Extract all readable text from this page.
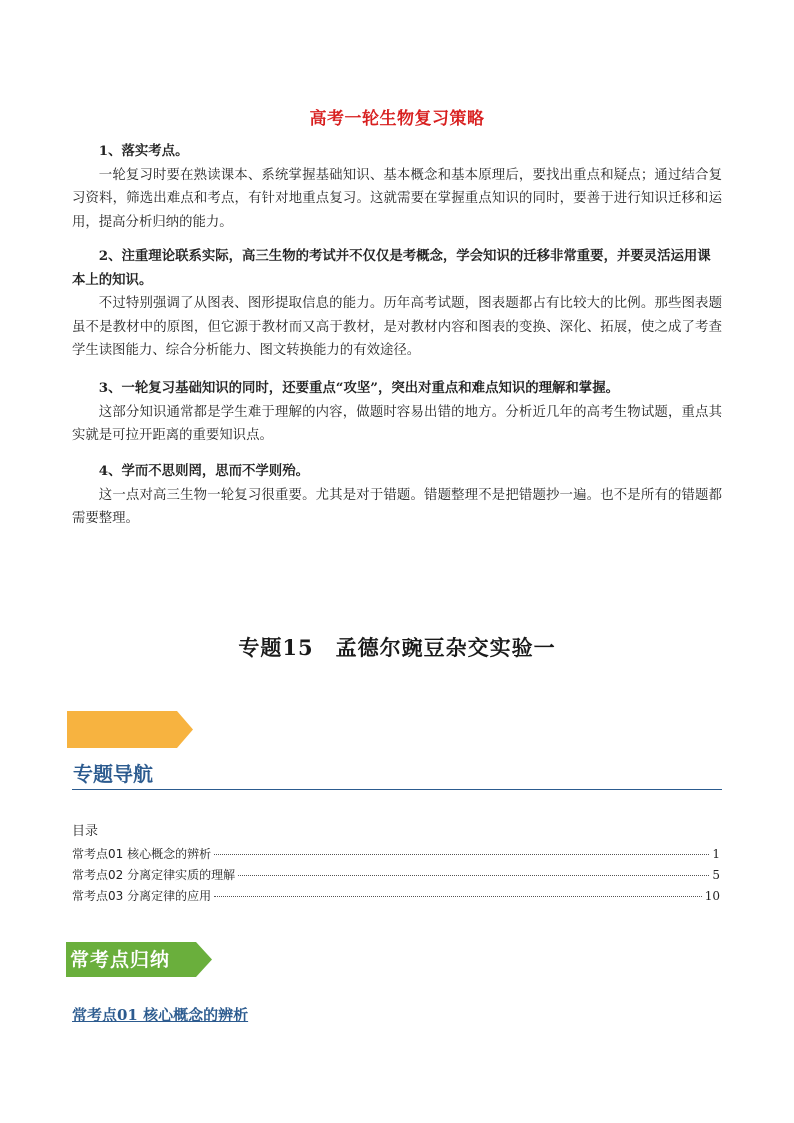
高考一轮生物复习策略
1、落实考点。
一轮复习时要在熟读课本、系统掌握基础知识、基本概念和基本原理后，要找出重点和疑点；通过结合复习资料，筛选出难点和考点，有针对地重点复习。这就需要在掌握重点知识的同时，要善于进行知识迁移和运用，提高分析归纳的能力。
2、注重理论联系实际，高三生物的考试并不仅仅是考概念，学会知识的迁移非常重要，并要灵活运用课本上的知识。
不过特别强调了从图表、图形提取信息的能力。历年高考试题，图表题都占有比较大的比例。那些图表题虽不是教材中的原图，但它源于教材而又高于教材，是对教材内容和图表的变换、深化、拓展，使之成了考查学生读图能力、综合分析能力、图文转换能力的有效途径。
3、一轮复习基础知识的同时，还要重点“攻坚”，突出对重点和难点知识的理解和掌握。
这部分知识通常都是学生难于理解的内容，做题时容易出错的地方。分析近几年的高考生物试题，重点其实就是可拉开距离的重要知识点。
4、学而不思则罔，思而不学则殆。
这一点对高三生物一轮复习很重要。尤其是对于错题。错题整理不是把错题抄一遍。也不是所有的错题都需要整理。
专题15　孟德尔豌豆杂交实验一
专题导航
目录
常考点01 核心概念的辨析	1
常考点02 分离定律实质的理解	5
常考点03 分离定律的应用	10
常考点归纳
常考点01 核心概念的辨析
